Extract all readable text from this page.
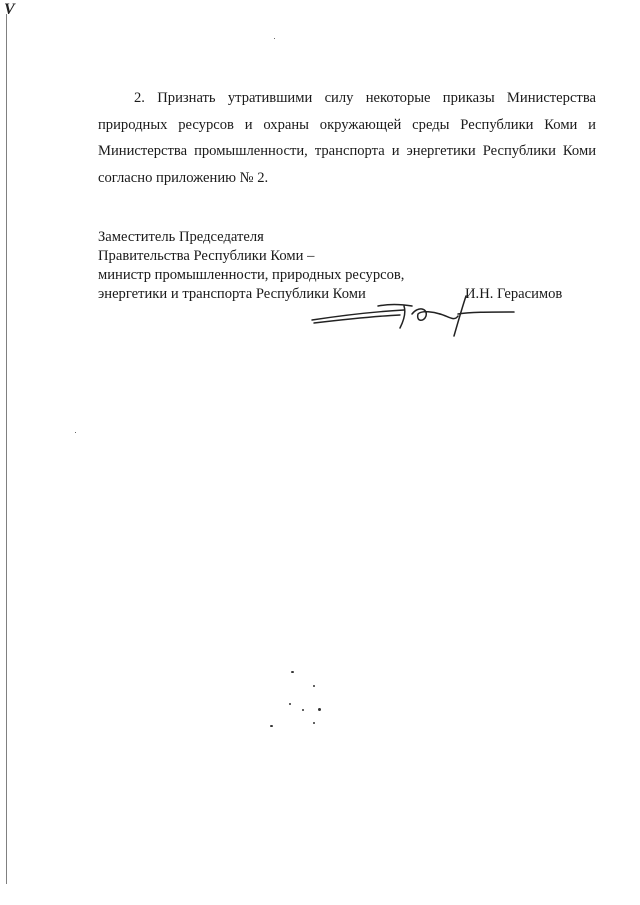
V

2. Признать утратившими силу некоторые приказы Министерства природных ресурсов и охраны окружающей среды Республики Коми и Министерства промышленности, транспорта и энергетики Республики Коми согласно приложению № 2.

Заместитель Председателя
Правительства Республики Коми –
министр промышленности, природных ресурсов,
энергетики и транспорта Республики Коми	И.Н. Герасимов
